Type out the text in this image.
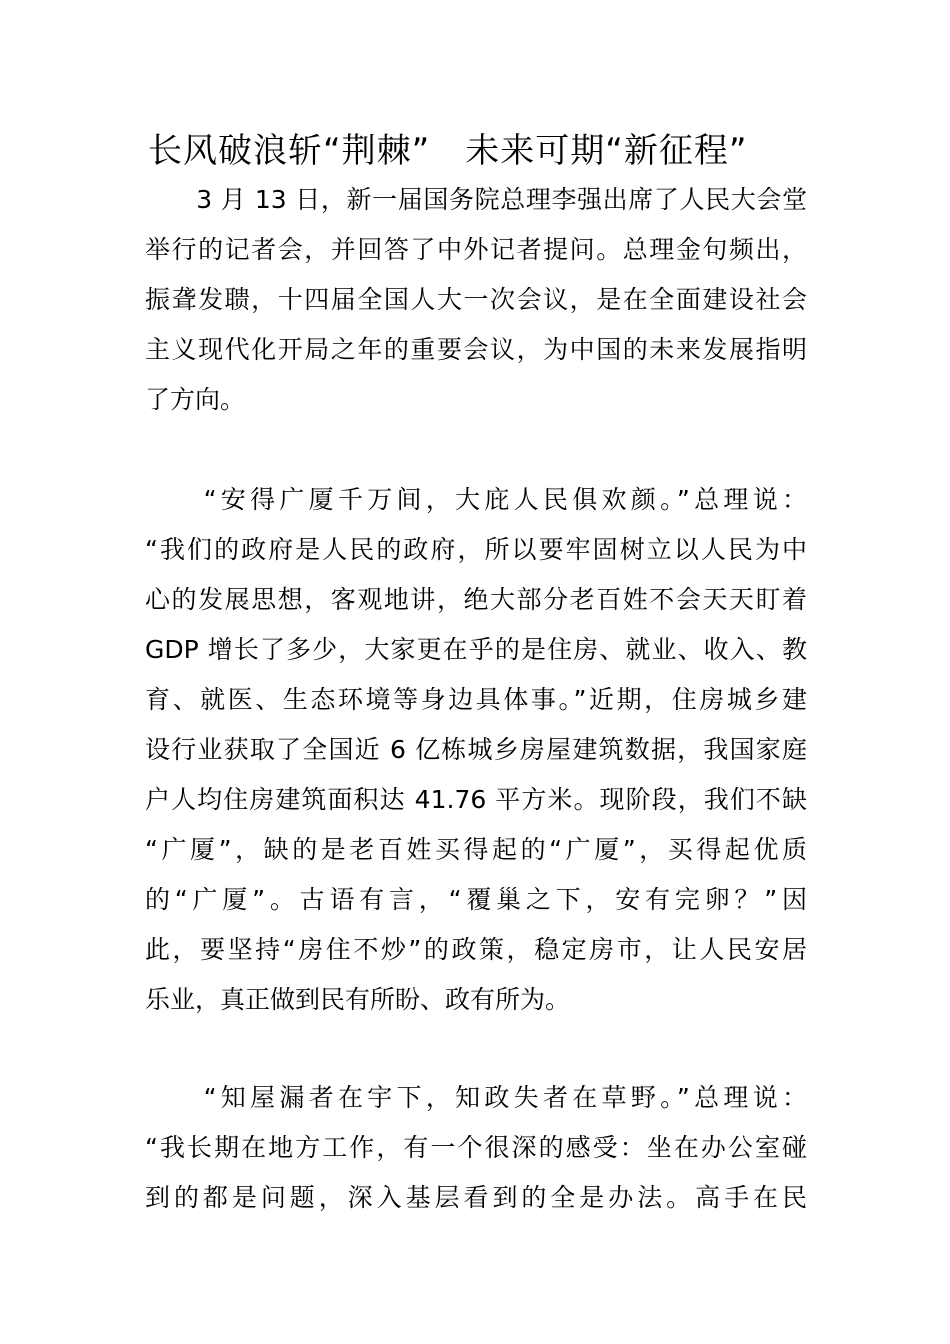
长风破浪斩“荆棘”　未来可期“新征程”
　　3 月 13 日，新一届国务院总理李强出席了人民大会堂
举行的记者会，并回答了中外记者提问。总理金句频出，
振聋发聩，十四届全国人大一次会议，是在全面建设社会
主义现代化开局之年的重要会议，为中国的未来发展指明
了方向。
　　“安得广厦千万间，大庇人民俱欢颜。”总理说：
“我们的政府是人民的政府，所以要牢固树立以人民为中
心的发展思想，客观地讲，绝大部分老百姓不会天天盯着
GDP 增长了多少，大家更在乎的是住房、就业、收入、教
育、就医、生态环境等身边具体事。”近期，住房城乡建
设行业获取了全国近 6 亿栋城乡房屋建筑数据，我国家庭
户人均住房建筑面积达 41.76 平方米。现阶段，我们不缺
“广厦”，缺的是老百姓买得起的“广厦”，买得起优质
的“广厦”。古语有言，“覆巢之下，安有完卵？”因
此，要坚持“房住不炒”的政策，稳定房市，让人民安居
乐业，真正做到民有所盼、政有所为。
　　“知屋漏者在宇下，知政失者在草野。”总理说：
“我长期在地方工作，有一个很深的感受：坐在办公室碰
到的都是问题，深入基层看到的全是办法。高手在民
